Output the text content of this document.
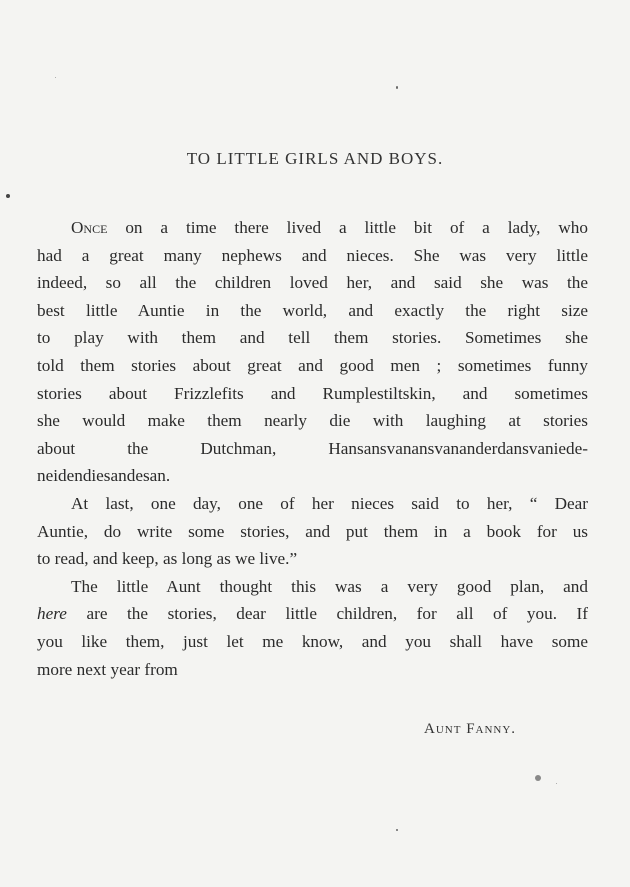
TO LITTLE GIRLS AND BOYS.
Once on a time there lived a little bit of a lady, who
had a great many nephews and nieces. She was very little
indeed, so all the children loved her, and said she was the
best little Auntie in the world, and exactly the right size
to play with them and tell them stories. Sometimes she
told them stories about great and good men ; sometimes funny
stories about Frizzlefits and Rumplestiltskin, and sometimes
she would make them nearly die with laughing at stories
about the Dutchman, Hansansvanansvananderdansvaniede-
neidendiesandesan.
At last, one day, one of her nieces said to her, “ Dear
Auntie, do write some stories, and put them in a book for us
to read, and keep, as long as we live.”
The little Aunt thought this was a very good plan, and
here are the stories, dear little children, for all of you. If
you like them, just let me know, and you shall have some
more next year from
Aunt Fanny.
